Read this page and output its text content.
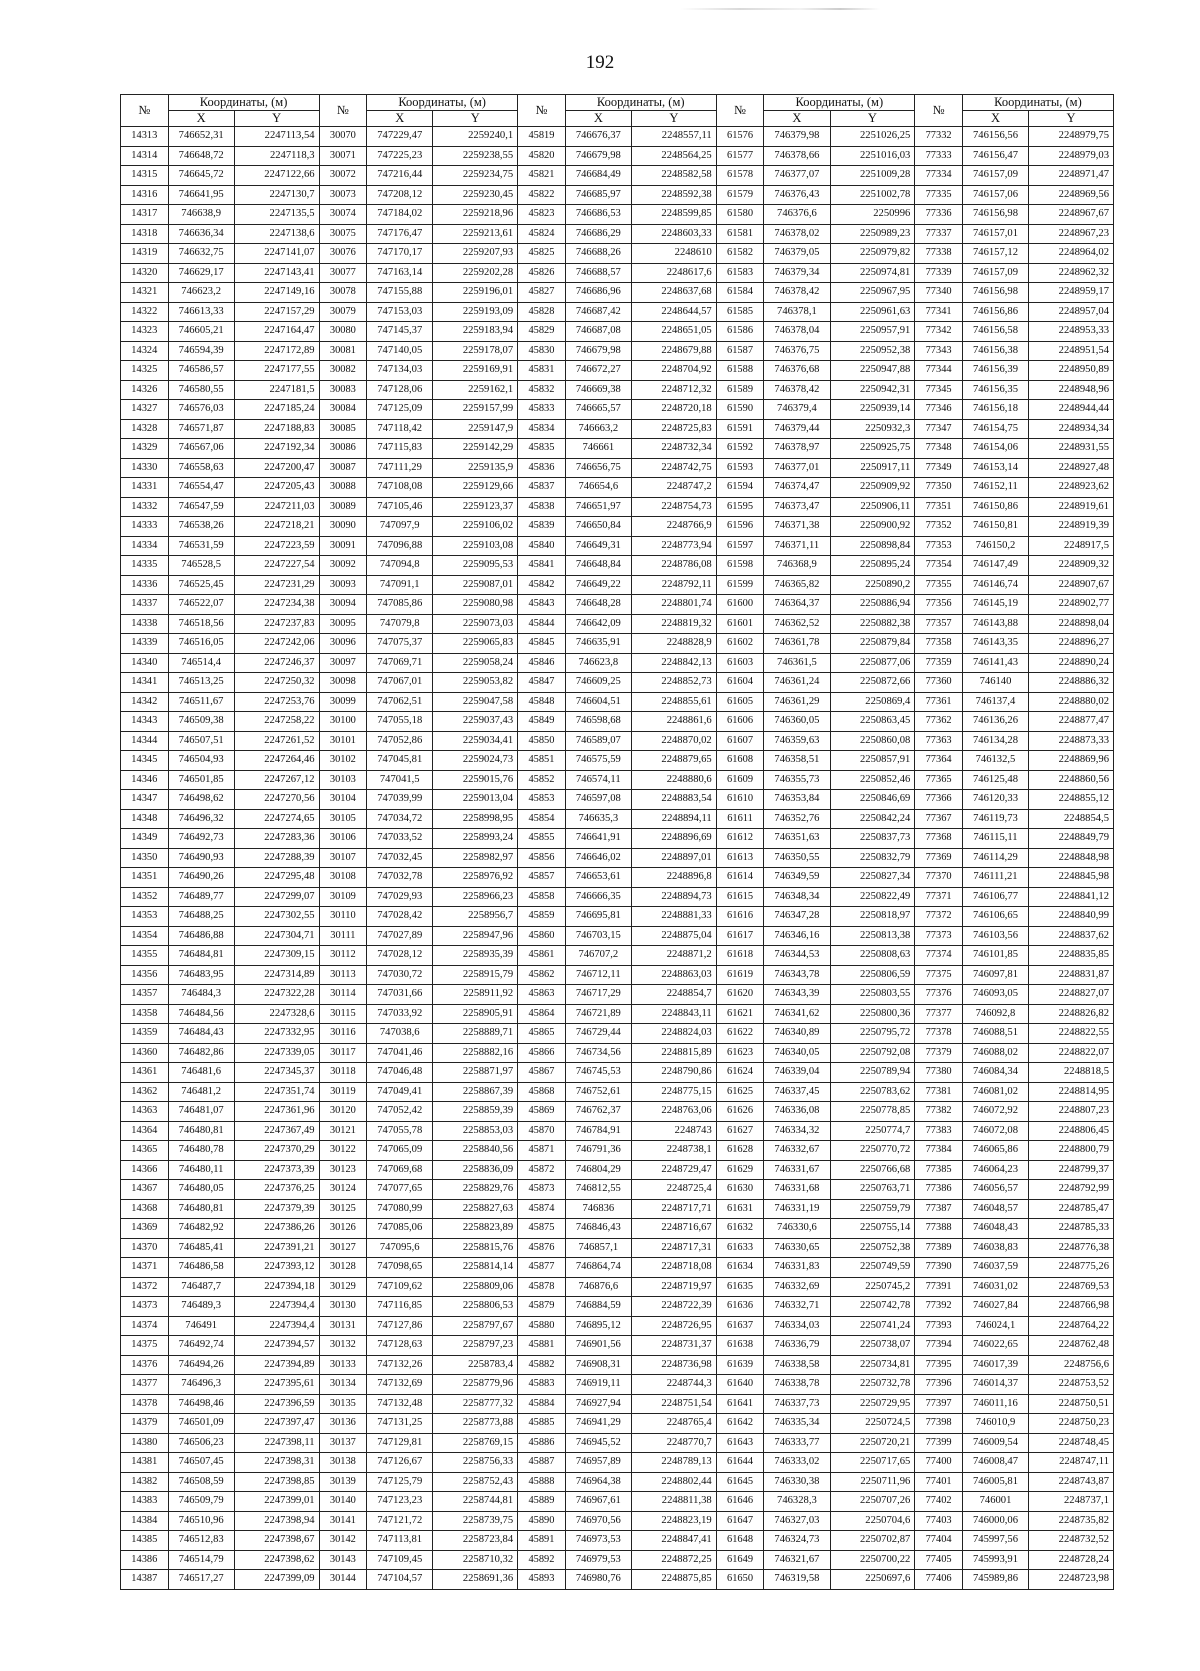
192
№	Координаты, (м)		№	Координаты, (м)		№	Координаты, (м)		№	Координаты, (м)		№	Координаты, (м)	
	X	Y		X	Y		X	Y		X	Y		X	Y
14313	746652,31	2247113,54	30070	747229,47	2259240,1	45819	746676,37	2248557,11	61576	746379,98	2251026,25	77332	746156,56	2248979,75
14314	746648,72	2247118,3	30071	747225,23	2259238,55	45820	746679,98	2248564,25	61577	746378,66	2251016,03	77333	746156,47	2248979,03
14315	746645,72	2247122,66	30072	747216,44	2259234,75	45821	746684,49	2248582,58	61578	746377,07	2251009,28	77334	746157,09	2248971,47
14316	746641,95	2247130,7	30073	747208,12	2259230,45	45822	746685,97	2248592,38	61579	746376,43	2251002,78	77335	746157,06	2248969,56
14317	746638,9	2247135,5	30074	747184,02	2259218,96	45823	746686,53	2248599,85	61580	746376,6	2250996	77336	746156,98	2248967,67
14318	746636,34	2247138,6	30075	747176,47	2259213,61	45824	746686,29	2248603,33	61581	746378,02	2250989,23	77337	746157,01	2248967,23
14319	746632,75	2247141,07	30076	747170,17	2259207,93	45825	746688,26	2248610	61582	746379,05	2250979,82	77338	746157,12	2248964,02
14320	746629,17	2247143,41	30077	747163,14	2259202,28	45826	746688,57	2248617,6	61583	746379,34	2250974,81	77339	746157,09	2248962,32
14321	746623,2	2247149,16	30078	747155,88	2259196,01	45827	746686,96	2248637,68	61584	746378,42	2250967,95	77340	746156,98	2248959,17
14322	746613,33	2247157,29	30079	747153,03	2259193,09	45828	746687,42	2248644,57	61585	746378,1	2250961,63	77341	746156,86	2248957,04
14323	746605,21	2247164,47	30080	747145,37	2259183,94	45829	746687,08	2248651,05	61586	746378,04	2250957,91	77342	746156,58	2248953,33
14324	746594,39	2247172,89	30081	747140,05	2259178,07	45830	746679,98	2248679,88	61587	746376,75	2250952,38	77343	746156,38	2248951,54
14325	746586,57	2247177,55	30082	747134,03	2259169,91	45831	746672,27	2248704,92	61588	746376,68	2250947,88	77344	746156,39	2248950,89
14326	746580,55	2247181,5	30083	747128,06	2259162,1	45832	746669,38	2248712,32	61589	746378,42	2250942,31	77345	746156,35	2248948,96
14327	746576,03	2247185,24	30084	747125,09	2259157,99	45833	746665,57	2248720,18	61590	746379,4	2250939,14	77346	746156,18	2248944,44
14328	746571,87	2247188,83	30085	747118,42	2259147,9	45834	746663,2	2248725,83	61591	746379,44	2250932,3	77347	746154,75	2248934,34
14329	746567,06	2247192,34	30086	747115,83	2259142,29	45835	746661	2248732,34	61592	746378,97	2250925,75	77348	746154,06	2248931,55
14330	746558,63	2247200,47	30087	747111,29	2259135,9	45836	746656,75	2248742,75	61593	746377,01	2250917,11	77349	746153,14	2248927,48
14331	746554,47	2247205,43	30088	747108,08	2259129,66	45837	746654,6	2248747,2	61594	746374,47	2250909,92	77350	746152,11	2248923,62
14332	746547,59	2247211,03	30089	747105,46	2259123,37	45838	746651,97	2248754,73	61595	746373,47	2250906,11	77351	746150,86	2248919,61
14333	746538,26	2247218,21	30090	747097,9	2259106,02	45839	746650,84	2248766,9	61596	746371,38	2250900,92	77352	746150,81	2248919,39
14334	746531,59	2247223,59	30091	747096,88	2259103,08	45840	746649,31	2248773,94	61597	746371,11	2250898,84	77353	746150,2	2248917,5
14335	746528,5	2247227,54	30092	747094,8	2259095,53	45841	746648,84	2248786,08	61598	746368,9	2250895,24	77354	746147,49	2248909,32
14336	746525,45	2247231,29	30093	747091,1	2259087,01	45842	746649,22	2248792,11	61599	746365,82	2250890,2	77355	746146,74	2248907,67
14337	746522,07	2247234,38	30094	747085,86	2259080,98	45843	746648,28	2248801,74	61600	746364,37	2250886,94	77356	746145,19	2248902,77
14338	746518,56	2247237,83	30095	747079,8	2259073,03	45844	746642,09	2248819,32	61601	746362,52	2250882,38	77357	746143,88	2248898,04
14339	746516,05	2247242,06	30096	747075,37	2259065,83	45845	746635,91	2248828,9	61602	746361,78	2250879,84	77358	746143,35	2248896,27
14340	746514,4	2247246,37	30097	747069,71	2259058,24	45846	746623,8	2248842,13	61603	746361,5	2250877,06	77359	746141,43	2248890,24
14341	746513,25	2247250,32	30098	747067,01	2259053,82	45847	746609,25	2248852,73	61604	746361,24	2250872,66	77360	746140	2248886,32
14342	746511,67	2247253,76	30099	747062,51	2259047,58	45848	746604,51	2248855,61	61605	746361,29	2250869,4	77361	746137,4	2248880,02
14343	746509,38	2247258,22	30100	747055,18	2259037,43	45849	746598,68	2248861,6	61606	746360,05	2250863,45	77362	746136,26	2248877,47
14344	746507,51	2247261,52	30101	747052,86	2259034,41	45850	746589,07	2248870,02	61607	746359,63	2250860,08	77363	746134,28	2248873,33
14345	746504,93	2247264,46	30102	747045,81	2259024,73	45851	746575,59	2248879,65	61608	746358,51	2250857,91	77364	746132,5	2248869,96
14346	746501,85	2247267,12	30103	747041,5	2259015,76	45852	746574,11	2248880,6	61609	746355,73	2250852,46	77365	746125,48	2248860,56
14347	746498,62	2247270,56	30104	747039,99	2259013,04	45853	746597,08	2248883,54	61610	746353,84	2250846,69	77366	746120,33	2248855,12
14348	746496,32	2247274,65	30105	747034,72	2258998,95	45854	746635,3	2248894,11	61611	746352,76	2250842,24	77367	746119,73	2248854,5
14349	746492,73	2247283,36	30106	747033,52	2258993,24	45855	746641,91	2248896,69	61612	746351,63	2250837,73	77368	746115,11	2248849,79
14350	746490,93	2247288,39	30107	747032,45	2258982,97	45856	746646,02	2248897,01	61613	746350,55	2250832,79	77369	746114,29	2248848,98
14351	746490,26	2247295,48	30108	747032,78	2258976,92	45857	746653,61	2248896,8	61614	746349,59	2250827,34	77370	746111,21	2248845,98
14352	746489,77	2247299,07	30109	747029,93	2258966,23	45858	746666,35	2248894,73	61615	746348,34	2250822,49	77371	746106,77	2248841,12
14353	746488,25	2247302,55	30110	747028,42	2258956,7	45859	746695,81	2248881,33	61616	746347,28	2250818,97	77372	746106,65	2248840,99
14354	746486,88	2247304,71	30111	747027,89	2258947,96	45860	746703,15	2248875,04	61617	746346,16	2250813,38	77373	746103,56	2248837,62
14355	746484,81	2247309,15	30112	747028,12	2258935,39	45861	746707,2	2248871,2	61618	746344,53	2250808,63	77374	746101,85	2248835,85
14356	746483,95	2247314,89	30113	747030,72	2258915,79	45862	746712,11	2248863,03	61619	746343,78	2250806,59	77375	746097,81	2248831,87
14357	746484,3	2247322,28	30114	747031,66	2258911,92	45863	746717,29	2248854,7	61620	746343,39	2250803,55	77376	746093,05	2248827,07
14358	746484,56	2247328,6	30115	747033,92	2258905,91	45864	746721,89	2248843,11	61621	746341,62	2250800,36	77377	746092,8	2248826,82
14359	746484,43	2247332,95	30116	747038,6	2258889,71	45865	746729,44	2248824,03	61622	746340,89	2250795,72	77378	746088,51	2248822,55
14360	746482,86	2247339,05	30117	747041,46	2258882,16	45866	746734,56	2248815,89	61623	746340,05	2250792,08	77379	746088,02	2248822,07
14361	746481,6	2247345,37	30118	747046,48	2258871,97	45867	746745,53	2248790,86	61624	746339,04	2250789,94	77380	746084,34	2248818,5
14362	746481,2	2247351,74	30119	747049,41	2258867,39	45868	746752,61	2248775,15	61625	746337,45	2250783,62	77381	746081,02	2248814,95
14363	746481,07	2247361,96	30120	747052,42	2258859,39	45869	746762,37	2248763,06	61626	746336,08	2250778,85	77382	746072,92	2248807,23
14364	746480,81	2247367,49	30121	747055,78	2258853,03	45870	746784,91	2248743	61627	746334,32	2250774,7	77383	746072,08	2248806,45
14365	746480,78	2247370,29	30122	747065,09	2258840,56	45871	746791,36	2248738,1	61628	746332,67	2250770,72	77384	746065,86	2248800,79
14366	746480,11	2247373,39	30123	747069,68	2258836,09	45872	746804,29	2248729,47	61629	746331,67	2250766,68	77385	746064,23	2248799,37
14367	746480,05	2247376,25	30124	747077,65	2258829,76	45873	746812,55	2248725,4	61630	746331,68	2250763,71	77386	746056,57	2248792,99
14368	746480,81	2247379,39	30125	747080,99	2258827,63	45874	746836	2248717,71	61631	746331,19	2250759,79	77387	746048,57	2248785,47
14369	746482,92	2247386,26	30126	747085,06	2258823,89	45875	746846,43	2248716,67	61632	746330,6	2250755,14	77388	746048,43	2248785,33
14370	746485,41	2247391,21	30127	747095,6	2258815,76	45876	746857,1	2248717,31	61633	746330,65	2250752,38	77389	746038,83	2248776,38
14371	746486,58	2247393,12	30128	747098,65	2258814,14	45877	746864,74	2248718,08	61634	746331,83	2250749,59	77390	746037,59	2248775,26
14372	746487,7	2247394,18	30129	747109,62	2258809,06	45878	746876,6	2248719,97	61635	746332,69	2250745,2	77391	746031,02	2248769,53
14373	746489,3	2247394,4	30130	747116,85	2258806,53	45879	746884,59	2248722,39	61636	746332,71	2250742,78	77392	746027,84	2248766,98
14374	746491	2247394,4	30131	747127,86	2258797,67	45880	746895,12	2248726,95	61637	746334,03	2250741,24	77393	746024,1	2248764,22
14375	746492,74	2247394,57	30132	747128,63	2258797,23	45881	746901,56	2248731,37	61638	746336,79	2250738,07	77394	746022,65	2248762,48
14376	746494,26	2247394,89	30133	747132,26	2258783,4	45882	746908,31	2248736,98	61639	746338,58	2250734,81	77395	746017,39	2248756,6
14377	746496,3	2247395,61	30134	747132,69	2258779,96	45883	746919,11	2248744,3	61640	746338,78	2250732,78	77396	746014,37	2248753,52
14378	746498,46	2247396,59	30135	747132,48	2258777,32	45884	746927,94	2248751,54	61641	746337,73	2250729,95	77397	746011,16	2248750,51
14379	746501,09	2247397,47	30136	747131,25	2258773,88	45885	746941,29	2248765,4	61642	746335,34	2250724,5	77398	746010,9	2248750,23
14380	746506,23	2247398,11	30137	747129,81	2258769,15	45886	746945,52	2248770,7	61643	746333,77	2250720,21	77399	746009,54	2248748,45
14381	746507,45	2247398,31	30138	747126,67	2258756,33	45887	746957,89	2248789,13	61644	746333,02	2250717,65	77400	746008,47	2248747,11
14382	746508,59	2247398,85	30139	747125,79	2258752,43	45888	746964,38	2248802,44	61645	746330,38	2250711,96	77401	746005,81	2248743,87
14383	746509,79	2247399,01	30140	747123,23	2258744,81	45889	746967,61	2248811,38	61646	746328,3	2250707,26	77402	746001	2248737,1
14384	746510,96	2247398,94	30141	747121,72	2258739,75	45890	746970,56	2248823,19	61647	746327,03	2250704,6	77403	746000,06	2248735,82
14385	746512,83	2247398,67	30142	747113,81	2258723,84	45891	746973,53	2248847,41	61648	746324,73	2250702,87	77404	745997,56	2248732,52
14386	746514,79	2247398,62	30143	747109,45	2258710,32	45892	746979,53	2248872,25	61649	746321,67	2250700,22	77405	745993,91	2248728,24
14387	746517,27	2247399,09	30144	747104,57	2258691,36	45893	746980,76	2248875,85	61650	746319,58	2250697,6	77406	745989,86	2248723,98
